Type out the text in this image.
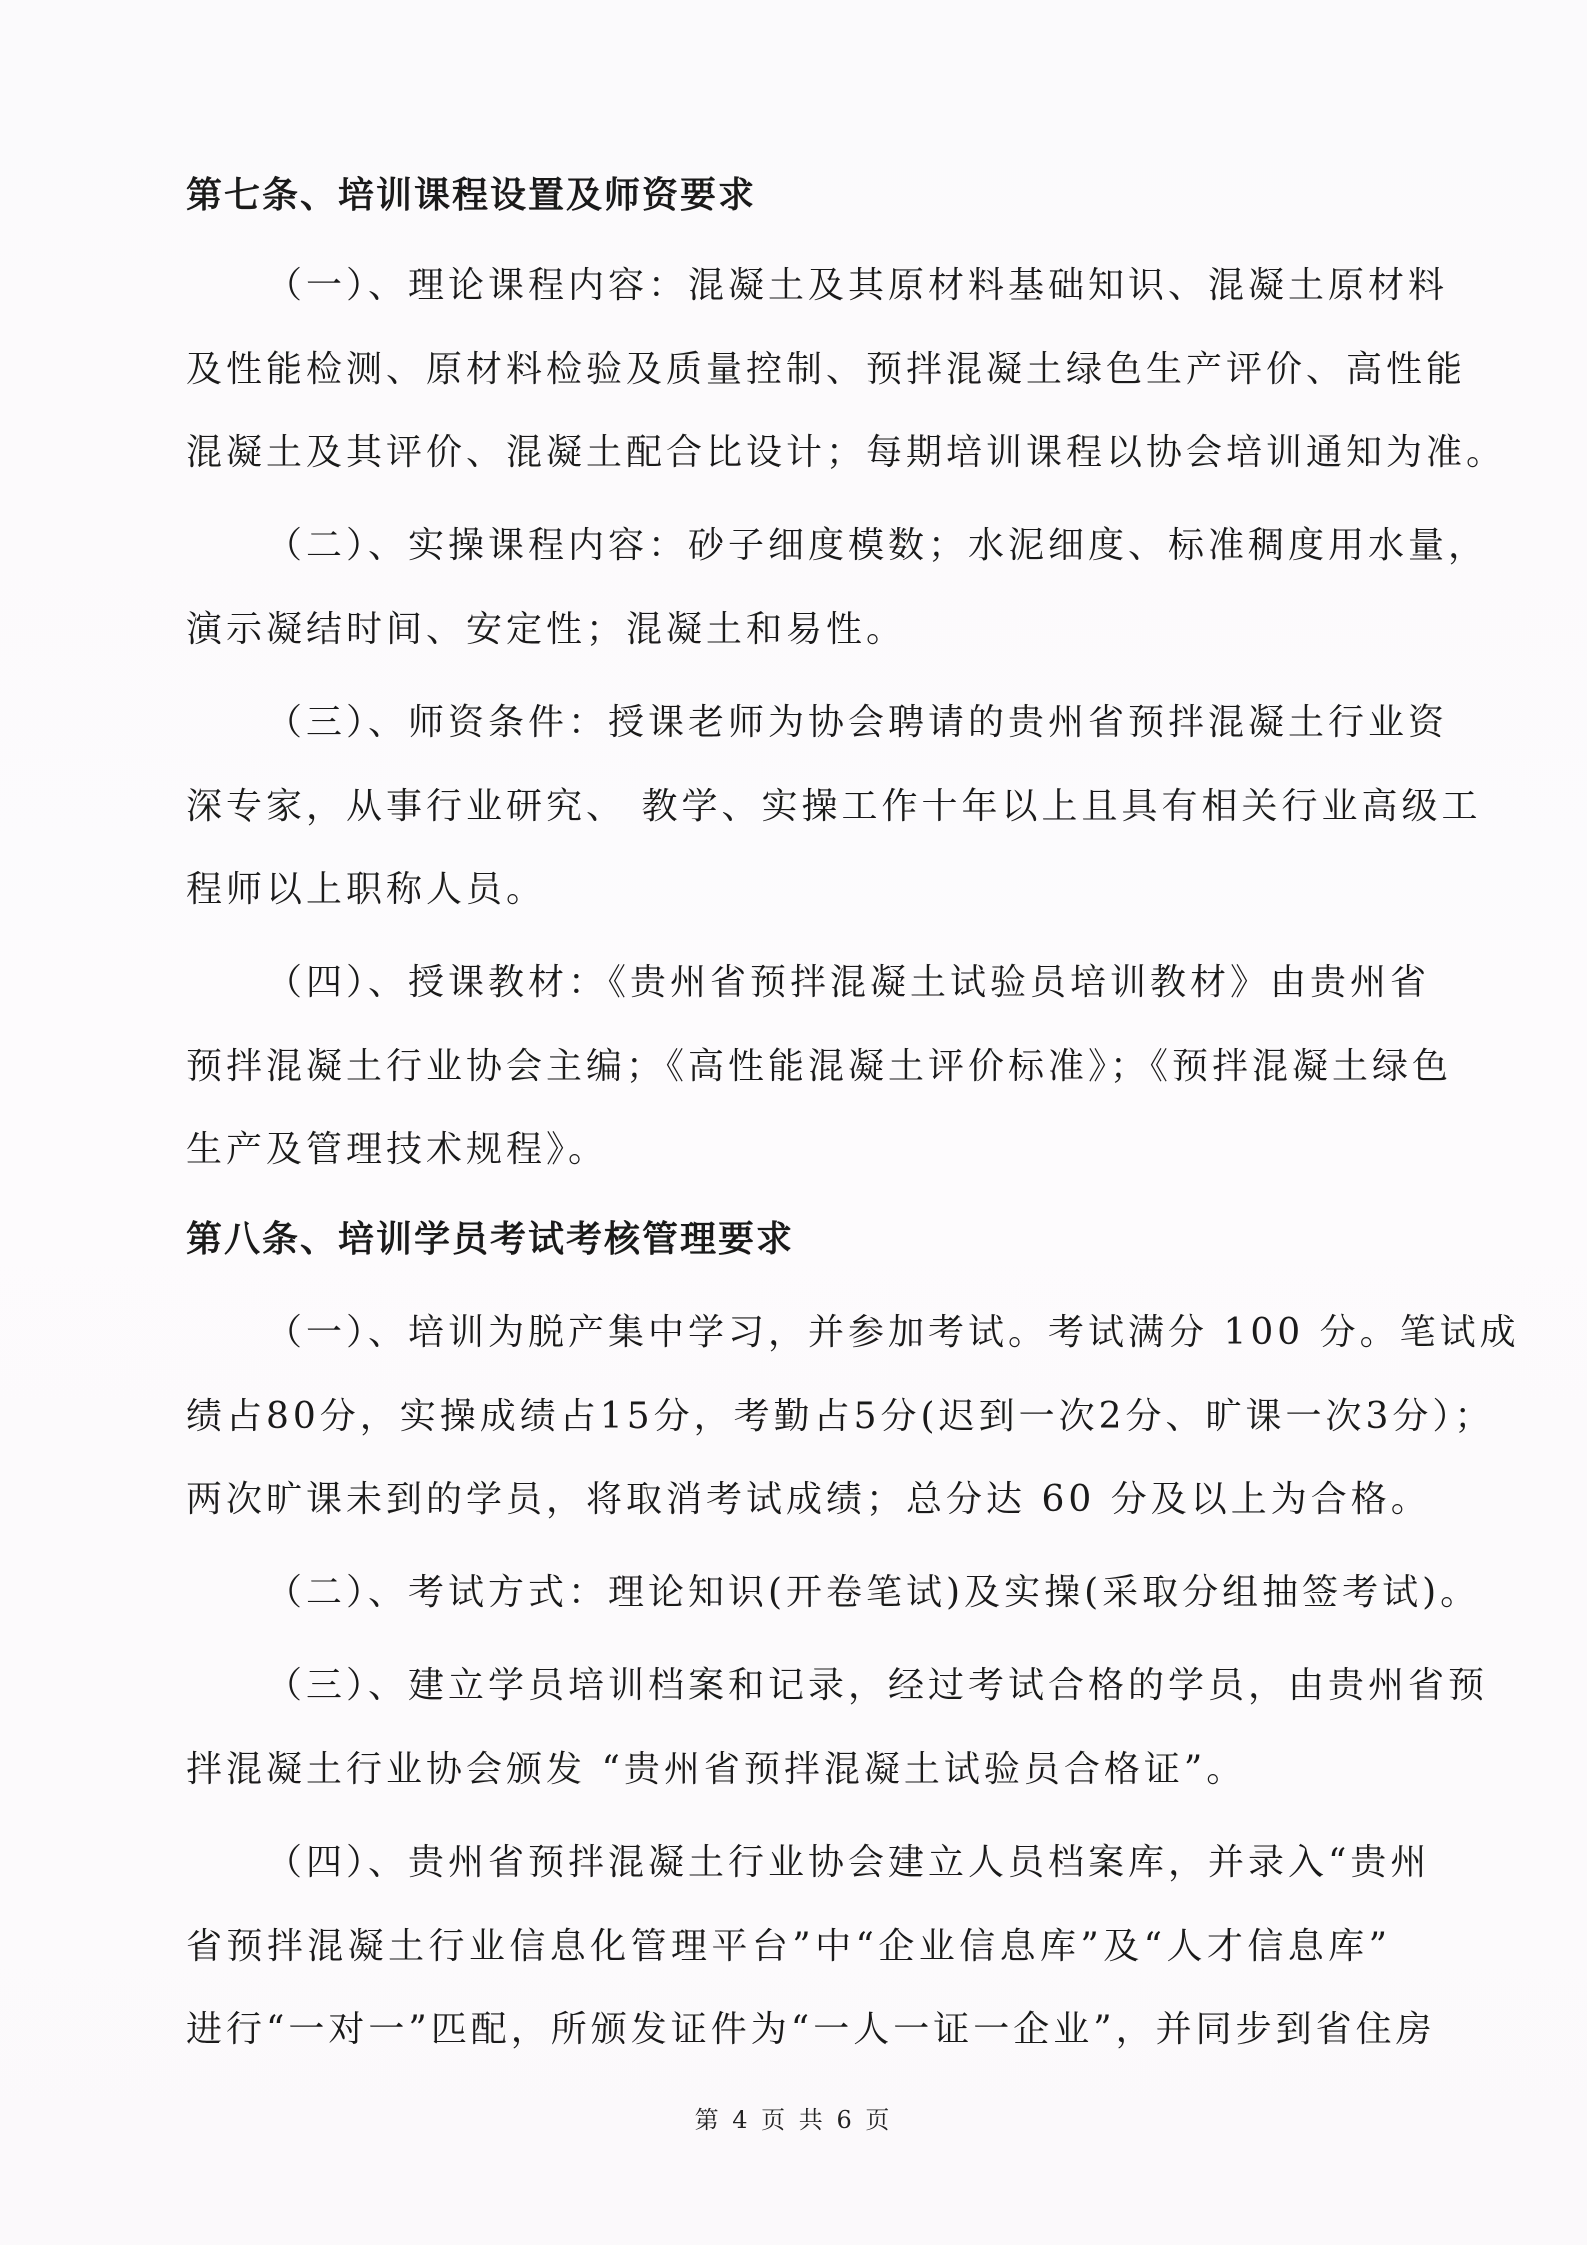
第七条、培训课程设置及师资要求
（一）、理论课程内容：混凝土及其原材料基础知识、混凝土原材料
及性能检测、原材料检验及质量控制、预拌混凝土绿色生产评价、高性能
混凝土及其评价、混凝土配合比设计；每期培训课程以协会培训通知为准。
（二）、实操课程内容：砂子细度模数；水泥细度、标准稠度用水量，
演示凝结时间、安定性；混凝土和易性。
（三）、师资条件：授课老师为协会聘请的贵州省预拌混凝土行业资
深专家，从事行业研究、 教学、实操工作十年以上且具有相关行业高级工
程师以上职称人员。
（四）、授课教材：《贵州省预拌混凝土试验员培训教材》由贵州省
预拌混凝土行业协会主编；《高性能混凝土评价标准》；《预拌混凝土绿色
生产及管理技术规程》。
第八条、培训学员考试考核管理要求
（一）、培训为脱产集中学习，并参加考试。考试满分 100 分。笔试成
绩占80分，实操成绩占15分，考勤占5分(迟到一次2分、旷课一次3分）；
两次旷课未到的学员，将取消考试成绩；总分达 60 分及以上为合格。
（二）、考试方式：理论知识(开卷笔试)及实操(采取分组抽签考试)。
（三）、建立学员培训档案和记录，经过考试合格的学员，由贵州省预
拌混凝土行业协会颁发 “贵州省预拌混凝土试验员合格证”。
（四）、贵州省预拌混凝土行业协会建立人员档案库，并录入“贵州
省预拌混凝土行业信息化管理平台”中“企业信息库”及“人才信息库”
进行“一对一”匹配，所颁发证件为“一人一证一企业”，并同步到省住房
第 4 页 共 6 页
